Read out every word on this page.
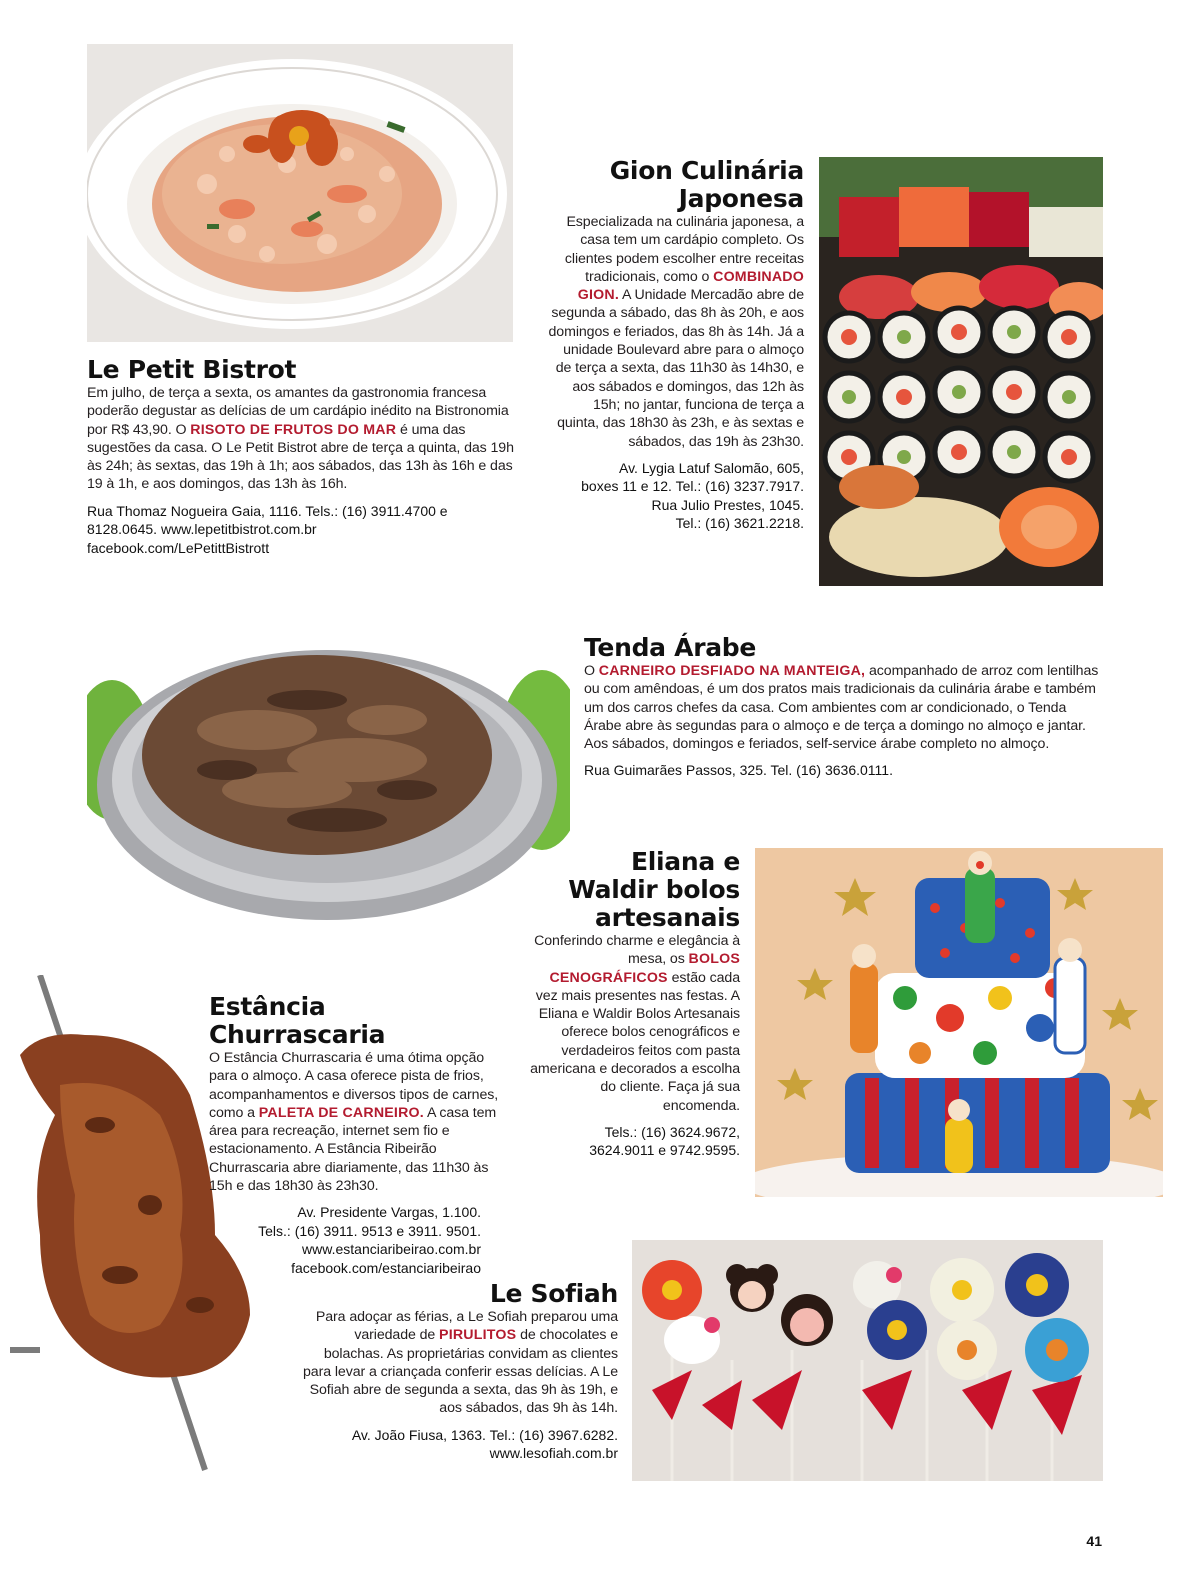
Le Petit Bistrot

Em julho, de terça a sexta, os amantes da gastronomia francesa poderão degustar as delícias de um cardápio inédito na Bistronomia por R$ 43,90. O RISOTO DE FRUTOS DO MAR é uma das sugestões da casa. O Le Petit Bistrot abre de terça a quinta, das 19h às 24h; às sextas, das 19h à 1h; aos sábados, das 13h às 16h e das 19 à 1h, e aos domingos, das 13h às 16h.

Rua Thomaz Nogueira Gaia, 1116. Tels.: (16) 3911.4700 e
8128.0645. www.lepetitbistrot.com.br
facebook.com/LePetittBistrott

Gion Culinária
Japonesa

Especializada na culinária japonesa, a casa tem um cardápio completo. Os clientes podem escolher entre receitas tradicionais, como o COMBINADO GION. A Unidade Mercadão abre de segunda a sábado, das 8h às 20h, e aos domingos e feriados, das 8h às 14h. Já a unidade Boulevard abre para o almoço de terça a sexta, das 11h30 às 14h30, e aos sábados e domingos, das 12h às 15h; no jantar, funciona de terça a quinta, das 18h30 às 23h, e às sextas e sábados, das 19h às 23h30.

Av. Lygia Latuf Salomão, 605,
boxes 11 e 12. Tel.: (16) 3237.7917.
Rua Julio Prestes, 1045.
Tel.: (16) 3621.2218.

Tenda Árabe

O CARNEIRO DESFIADO NA MANTEIGA, acompanhado de arroz com lentilhas ou com amêndoas, é um dos pratos mais tradicionais da culinária árabe e também um dos carros chefes da casa. Com ambientes com ar condicionado, o Tenda Árabe abre às segundas para o almoço e de terça a domingo no almoço e jantar. Aos sábados, domingos e feriados, self-service árabe completo no almoço.

Rua Guimarães Passos, 325. Tel. (16) 3636.0111.

Eliana e
Waldir bolos
artesanais

Conferindo charme e elegância à mesa, os BOLOS CENOGRÁFICOS estão cada vez mais presentes nas festas. A Eliana e Waldir Bolos Artesanais oferece bolos cenográficos e verdadeiros feitos com pasta americana e decorados a escolha do cliente. Faça já sua encomenda.

Tels.: (16) 3624.9672,
3624.9011 e 9742.9595.

Estância Churrascaria

O Estância Churrascaria é uma ótima opção para o almoço. A casa oferece pista de frios, acompanhamentos e diversos tipos de carnes, como a PALETA DE CARNEIRO. A casa tem área para recreação, internet sem fio e estacionamento. A Estância Ribeirão Churrascaria abre diariamente, das 11h30 às 15h e das 18h30 às 23h30.

Av. Presidente Vargas, 1.100.
Tels.: (16) 3911. 9513 e 3911. 9501.
www.estanciaribeirao.com.br
facebook.com/estanciaribeirao

Le Sofiah

Para adoçar as férias, a Le Sofiah preparou uma variedade de PIRULITOS de chocolates e bolachas. As proprietárias convidam as clientes para levar a criançada conferir essas delícias. A Le Sofiah abre de segunda a sexta, das 9h às 19h, e aos sábados, das 9h às 14h.

Av. João Fiusa, 1363. Tel.: (16) 3967.6282.
www.lesofiah.com.br

41
